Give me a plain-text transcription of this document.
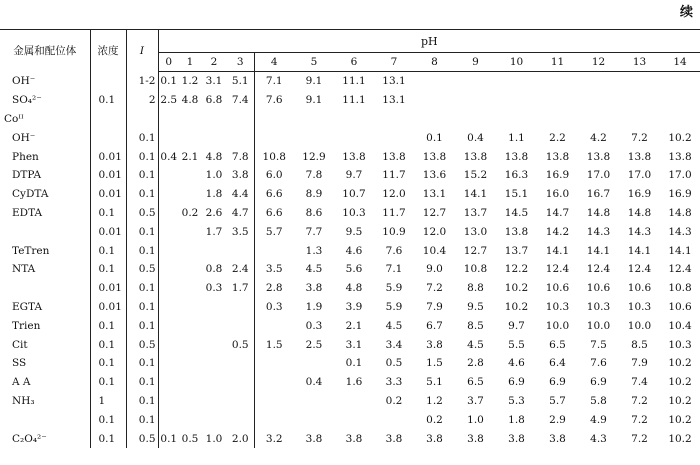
续
金属和配位体	浓度	I	pH														
			0	1	2	3	4	5	6	7	8	9	10	11	12	13	14
OH⁻		1-2	0.1	1.2	3.1	5.1	7.1	9.1	11.1	13.1							
SO₄²⁻	0.1	2	2.5	4.8	6.8	7.4	7.6	9.1	11.1	13.1							
Coᴵᴵ																	
OH⁻		0.1									0.1	0.4	1.1	2.2	4.2	7.2	10.2
Phen	0.01	0.1	0.4	2.1	4.8	7.8	10.8	12.9	13.8	13.8	13.8	13.8	13.8	13.8	13.8	13.8	13.8
DTPA	0.01	0.1			1.0	3.8	6.0	7.8	9.7	11.7	13.6	15.2	16.3	16.9	17.0	17.0	17.0
CyDTA	0.01	0.1			1.8	4.4	6.6	8.9	10.7	12.0	13.1	14.1	15.1	16.0	16.7	16.9	16.9
EDTA	0.1	0.5		0.2	2.6	4.7	6.6	8.6	10.3	11.7	12.7	13.7	14.5	14.7	14.8	14.8	14.8
	0.01	0.1			1.7	3.5	5.7	7.7	9.5	10.9	12.0	13.0	13.8	14.2	14.3	14.3	14.3
TeTren	0.1	0.1						1.3	4.6	7.6	10.4	12.7	13.7	14.1	14.1	14.1	14.1
NTA	0.1	0.5			0.8	2.4	3.5	4.5	5.6	7.1	9.0	10.8	12.2	12.4	12.4	12.4	12.4
	0.01	0.1			0.3	1.7	2.8	3.8	4.8	5.9	7.2	8.8	10.2	10.6	10.6	10.6	10.8
EGTA	0.01	0.1					0.3	1.9	3.9	5.9	7.9	9.5	10.2	10.3	10.3	10.3	10.6
Trien	0.1	0.1						0.3	2.1	4.5	6.7	8.5	9.7	10.0	10.0	10.0	10.4
Cit	0.1	0.5				0.5	1.5	2.5	3.1	3.4	3.8	4.5	5.5	6.5	7.5	8.5	10.3
SS	0.1	0.1							0.1	0.5	1.5	2.8	4.6	6.4	7.6	7.9	10.2
A A	0.1	0.1						0.4	1.6	3.3	5.1	6.5	6.9	6.9	6.9	7.4	10.2
NH₃	1	0.1								0.2	1.2	3.7	5.3	5.7	5.8	7.2	10.2
	0.1	0.1									0.2	1.0	1.8	2.9	4.9	7.2	10.2
C₂O₄²⁻	0.1	0.5	0.1	0.5	1.0	2.0	3.2	3.8	3.8	3.8	3.8	3.8	3.8	3.8	4.3	7.2	10.2
